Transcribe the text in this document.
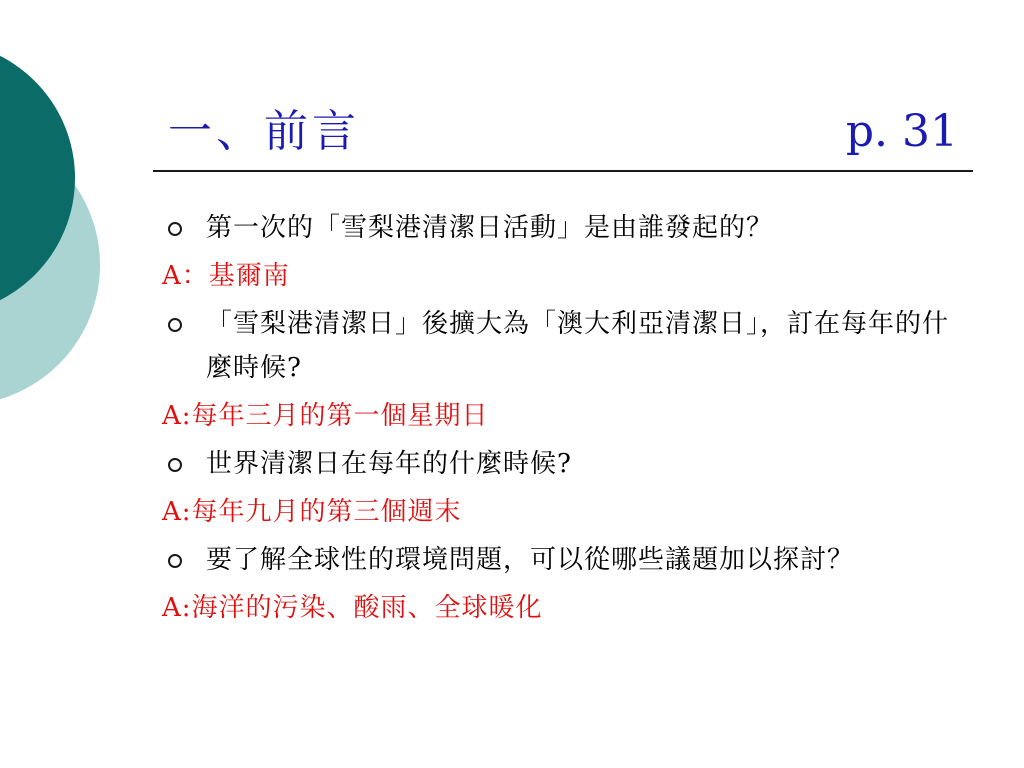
一、前言	p. 31
第一次的「雪梨港清潔日活動」是由誰發起的？
A：基爾南
「雪梨港清潔日」後擴大為「澳大利亞清潔日」，訂在每年的什麼時候?
A:每年三月的第一個星期日
世界清潔日在每年的什麼時候?
A:每年九月的第三個週末
要了解全球性的環境問題，可以從哪些議題加以探討？
A:海洋的污染、酸雨、全球暖化
